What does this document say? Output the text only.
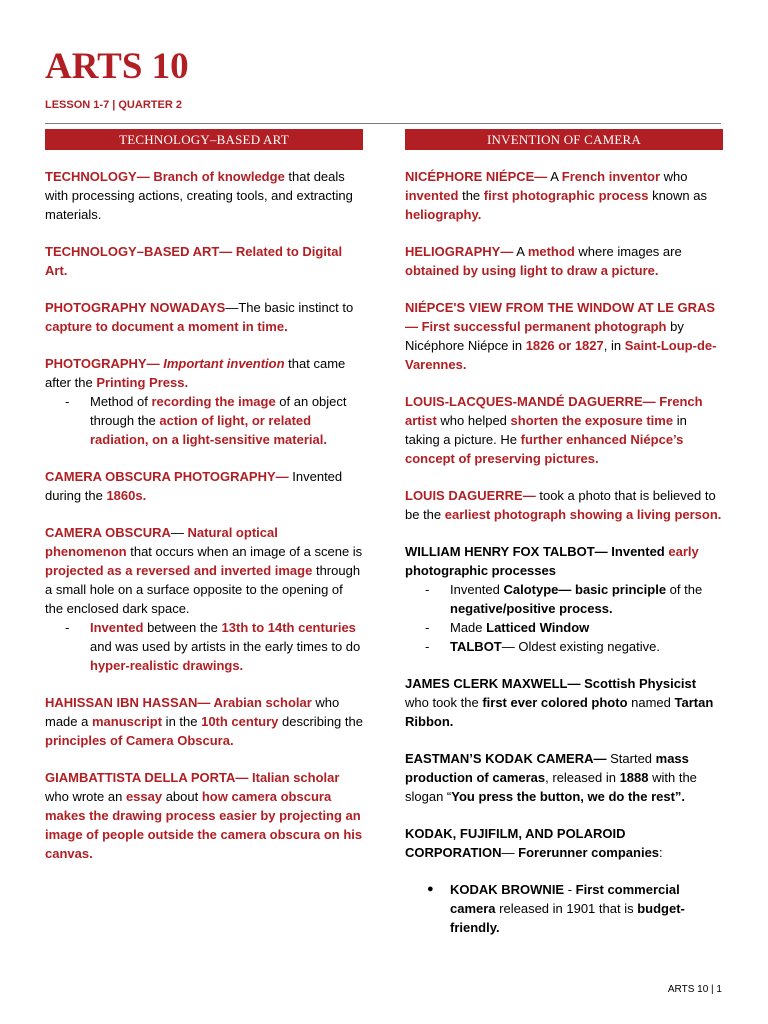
ARTS 10
LESSON 1-7 | QUARTER 2
TECHNOLOGY–BASED ART
TECHNOLOGY— Branch of knowledge that deals with processing actions, creating tools, and extracting materials.
TECHNOLOGY–BASED ART— Related to Digital Art.
PHOTOGRAPHY NOWADAYS—The basic instinct to capture to document a moment in time.
PHOTOGRAPHY— Important invention that came after the Printing Press.
- Method of recording the image of an object through the action of light, or related radiation, on a light-sensitive material.
CAMERA OBSCURA PHOTOGRAPHY— Invented during the 1860s.
CAMERA OBSCURA— Natural optical phenomenon that occurs when an image of a scene is projected as a reversed and inverted image through a small hole on a surface opposite to the opening of the enclosed dark space.
- Invented between the 13th to 14th centuries and was used by artists in the early times to do hyper-realistic drawings.
HAHISSAN IBN HASSAN— Arabian scholar who made a manuscript in the 10th century describing the principles of Camera Obscura.
GIAMBATTISTA DELLA PORTA— Italian scholar who wrote an essay about how camera obscura makes the drawing process easier by projecting an image of people outside the camera obscura on his canvas.
INVENTION OF CAMERA
NICÉPHORE NIÉPCE— A French inventor who invented the first photographic process known as heliography.
HELIOGRAPHY— A method where images are obtained by using light to draw a picture.
NIÉPCE'S VIEW FROM THE WINDOW AT LE GRAS— First successful permanent photograph by Nicéphore Niépce in 1826 or 1827, in Saint-Loup-de-Varennes.
LOUIS-LACQUES-MANDÉ DAGUERRE— French artist who helped shorten the exposure time in taking a picture. He further enhanced Niépce’s concept of preserving pictures.
LOUIS DAGUERRE— took a photo that is believed to be the earliest photograph showing a living person.
WILLIAM HENRY FOX TALBOT— Invented early photographic processes
- Invented Calotype— basic principle of the negative/positive process.
- Made Latticed Window
- TALBOT— Oldest existing negative.
JAMES CLERK MAXWELL— Scottish Physicist who took the first ever colored photo named Tartan Ribbon.
EASTMAN’S KODAK CAMERA— Started mass production of cameras, released in 1888 with the slogan “You press the button, we do the rest”.
KODAK, FUJIFILM, AND POLAROID CORPORATION— Forerunner companies:
● KODAK BROWNIE - First commercial camera released in 1901 that is budget-friendly.
ARTS 10 | 1
